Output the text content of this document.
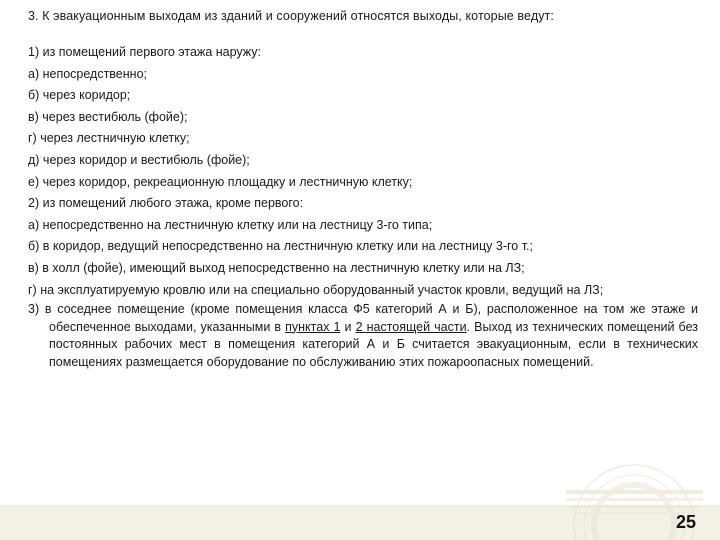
3. К эвакуационным выходам из зданий и сооружений относятся выходы, которые ведут:

1) из помещений первого этажа наружу:

а) непосредственно;

б) через коридор;

в) через вестибюль (фойе);

г) через лестничную клетку;

д) через коридор и вестибюль (фойе);

е) через коридор, рекреационную площадку и лестничную клетку;

2) из помещений любого этажа, кроме первого:

а) непосредственно на лестничную клетку или на лестницу 3-го типа;

б) в коридор, ведущий непосредственно на лестничную клетку или на лестницу 3-го т.;

в) в холл (фойе), имеющий выход непосредственно на лестничную клетку или на ЛЗ;

г) на эксплуатируемую кровлю или на специально оборудованный участок кровли, ведущий на ЛЗ;

3) в соседнее помещение (кроме помещения класса Ф5 категорий А и Б), расположенное на том же этаже и обеспеченное выходами, указанными в пунктах 1 и 2 настоящей части. Выход из технических помещений без постоянных рабочих мест в помещения категорий А и Б считается эвакуационным, если в технических помещениях размещается оборудование по обслуживанию этих пожароопасных помещений.

25
